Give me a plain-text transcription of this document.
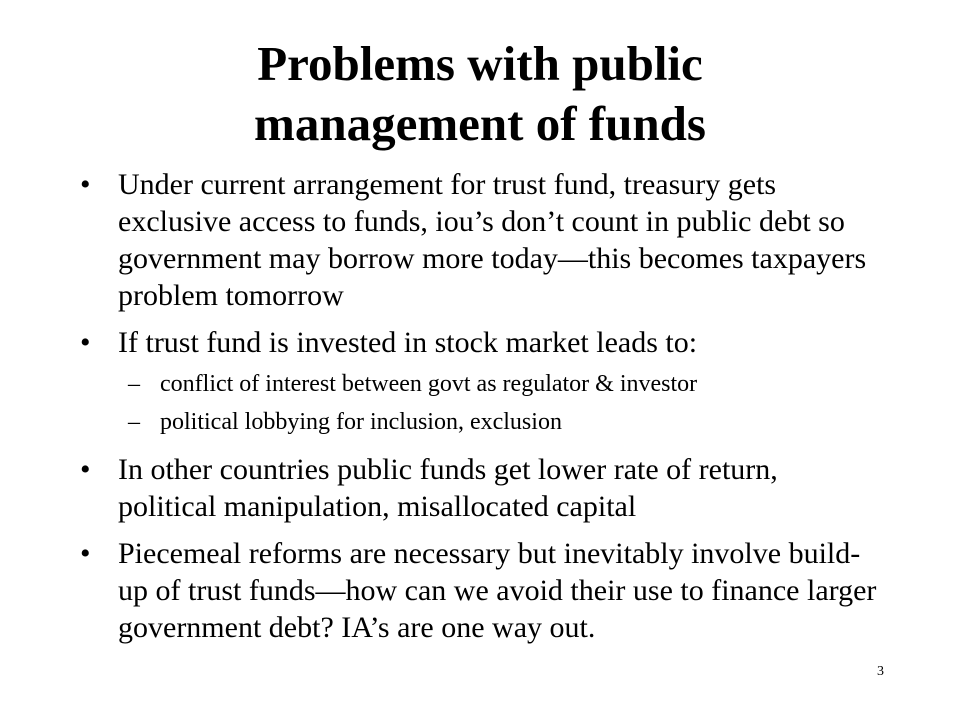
Problems with public
management of funds
• Under current arrangement for trust fund, treasury gets exclusive access to funds, iou’s don’t count in public debt so government may borrow more today—this becomes taxpayers problem tomorrow
• If trust fund is invested in stock market leads to:
– conflict of interest between govt as regulator & investor
– political lobbying for inclusion, exclusion
• In other countries public funds get lower rate of return, political manipulation, misallocated capital
• Piecemeal reforms are necessary but inevitably involve build-up of trust funds—how can we avoid their use to finance larger government debt? IA’s are one way out.
3
